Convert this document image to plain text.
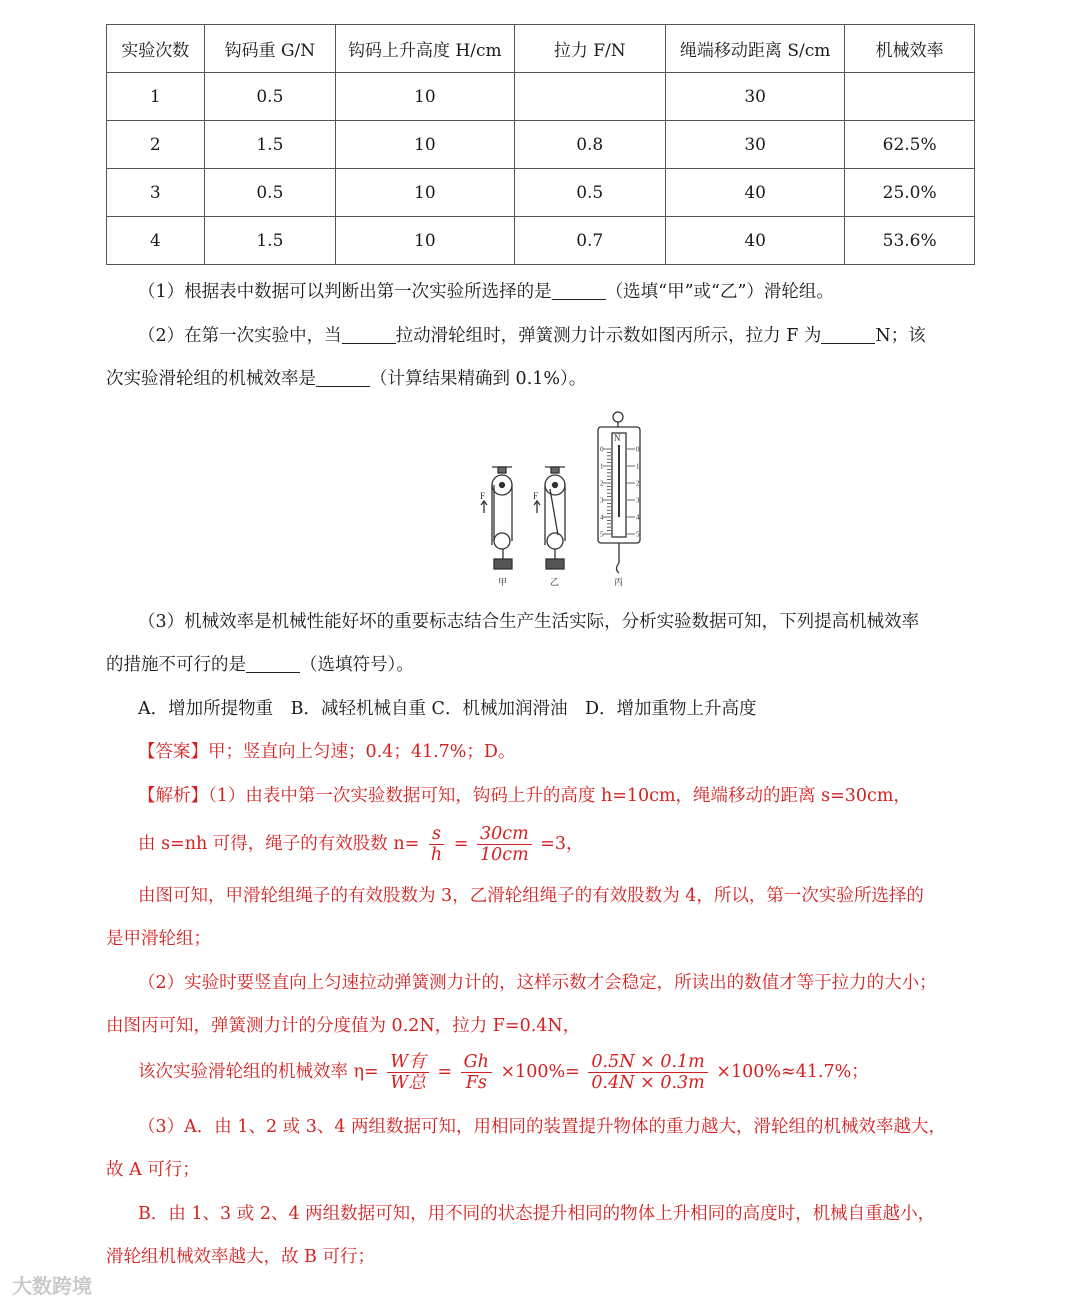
实验次数	钩码重 G/N	钩码上升高度 H/cm	拉力 F/N	绳端移动距离 S/cm	机械效率
1	0.5	10		30	
2	1.5	10	0.8	30	62.5%
3	0.5	10	0.5	40	25.0%
4	1.5	10	0.7	40	53.6%
（1）根据表中数据可以判断出第一次实验所选择的是	（选填“甲”或“乙”）滑轮组。
（2）在第一次实验中，当	拉动滑轮组时，弹簧测力计示数如图丙所示，拉力 F 为	N；该
次实验滑轮组的机械效率是	（计算结果精确到 0.1%）。
0	0
1	1
2	2
3	3
4	4
5	5
F	F
N
甲	乙	丙
（3）机械效率是机械性能好坏的重要标志结合生产生活实际，分析实验数据可知，下列提高机械效率
的措施不可行的是	（选填符号）。
A．增加所提物重　B．减轻机械自重 C．机械加润滑油　D．增加重物上升高度
【答案】甲；竖直向上匀速；0.4；41.7%；D。
【解析】（1）由表中第一次实验数据可知，钩码上升的高度 h=10cm，绳端移动的距离 s=30cm，
由 s=nh 可得，绳子的有效股数 $n= \frac{s}{h} = \frac{30cm}{10cm} =3$，
由图可知，甲滑轮组绳子的有效股数为 3，乙滑轮组绳子的有效股数为 4，所以，第一次实验所选择的
是甲滑轮组；
（2）实验时要竖直向上匀速拉动弹簧测力计的，这样示数才会稳定，所读出的数值才等于拉力的大小；
由图丙可知，弹簧测力计的分度值为 0.2N，拉力 F=0.4N，
该次实验滑轮组的机械效率 $\eta= \frac{\text{W有}}{\text{W总}} = \frac{Gh}{Fs} \times 100\%= \frac{0.5N \times 0.1m}{0.4N \times 0.3m} \times 100\%\approx 41.7\%$；
（3）A．由 1、2 或 3、4 两组数据可知，用相同的装置提升物体的重力越大，滑轮组的机械效率越大，
故 A 可行；
B．由 1、3 或 2、4 两组数据可知，用不同的状态提升相同的物体上升相同的高度时，机械自重越小，
滑轮组机械效率越大，故 B 可行；
大数跨境
